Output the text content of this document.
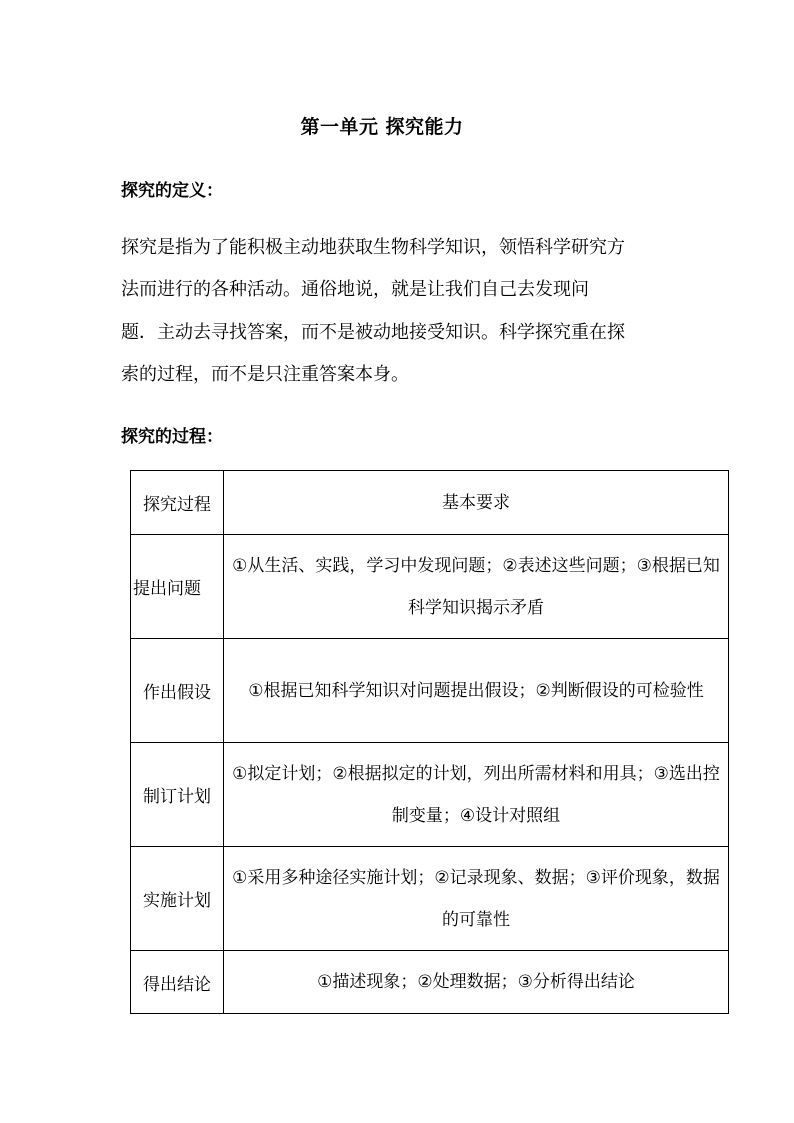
第一单元 探究能力
探究的定义：
探究是指为了能积极主动地获取生物科学知识，领悟科学研究方
法而进行的各种活动。通俗地说，就是让我们自己去发现问
题．主动去寻找答案，而不是被动地接受知识。科学探究重在探
索的过程，而不是只注重答案本身。
探究的过程：
探究过程	基本要求
提出问题	①从生活、实践，学习中发现问题；②表述这些问题；③根据已知科学知识揭示矛盾
作出假设	①根据已知科学知识对问题提出假设；②判断假设的可检验性
制订计划	①拟定计划；②根据拟定的计划，列出所需材料和用具；③选出控制变量；④设计对照组
实施计划	①采用多种途径实施计划；②记录现象、数据；③评价现象，数据的可靠性
得出结论	①描述现象；②处理数据；③分析得出结论
